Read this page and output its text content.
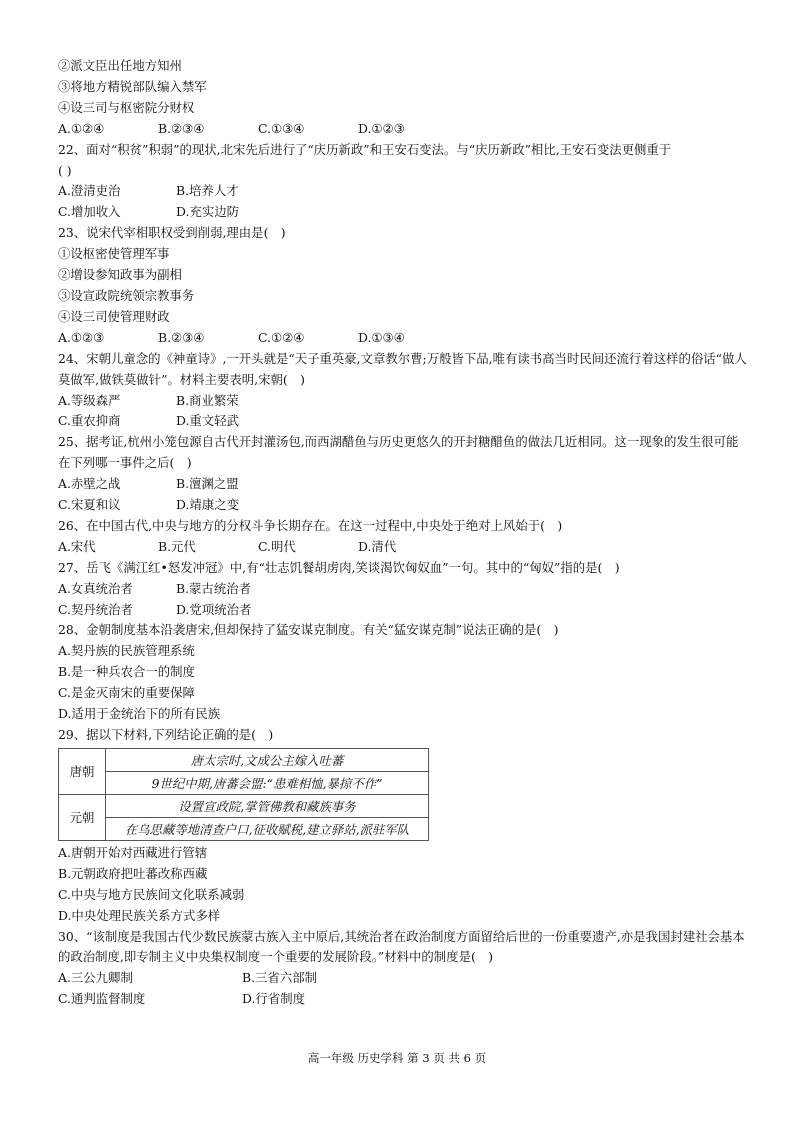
②派文臣出任地方知州
③将地方精锐部队编入禁军
④设三司与枢密院分财权
A.①②④	B.②③④	C.①③④	D.①②③
22、面对“积贫”积弱”的现状,北宋先后进行了“庆历新政”和王安石变法。与“庆历新政”相比,王安石变法更侧重于
( )
A.澄清吏治	B.培养人才
C.增加收入	D.充实边防
23、说宋代宰相职权受到削弱,理由是(　)
①设枢密使管理军事
②增设参知政事为副相
③设宣政院统领宗教事务
④设三司使管理财政
A.①②③	B.②③④	C.①②④	D.①③④
24、宋朝儿童念的《神童诗》,一开头就是“天子重英豪,文章教尔曹;万般皆下品,唯有读书高当时民间还流行着这样的俗话“做人莫做军,做铁莫做针”。材料主要表明,宋朝(　)
A.等级森严	B.商业繁荣
C.重农抑商	D.重文轻武
25、据考证,杭州小笼包源自古代开封灌汤包,而西湖醋鱼与历史更悠久的开封糖醋鱼的做法几近相同。这一现象的发生很可能在下列哪一事件之后(　)
A.赤壁之战	B.澶渊之盟
C.宋夏和议	D.靖康之变
26、在中国古代,中央与地方的分权斗争长期存在。在这一过程中,中央处于绝对上风始于(　)
A.宋代	B.元代	C.明代	D.清代
27、岳飞《满江红•怒发冲冠》中,有“壮志饥餐胡虏肉,笑谈渴饮匈奴血”一句。其中的“匈奴”指的是(　)
A.女真统治者	B.蒙古统治者
C.契丹统治者	D.党项统治者
28、金朝制度基本沿袭唐宋,但却保持了猛安谋克制度。有关“猛安谋克制”说法正确的是(　)
A.契丹族的民族管理系统
B.是一种兵农合一的制度
C.是金灭南宋的重要保障
D.适用于金统治下的所有民族
29、据以下材料,下列结论正确的是(　)
唐朝	唐太宗时,文成公主嫁入吐蕃
	9世纪中期,唐蕃会盟:“患难相恤,暴掠不作”
元朝	设置宣政院,掌管佛教和藏族事务
	在乌思藏等地清查户口,征收赋税,建立驿站,派驻军队
A.唐朝开始对西藏进行管辖
B.元朝政府把吐蕃改称西藏
C.中央与地方民族间文化联系减弱
D.中央处理民族关系方式多样
30、“该制度是我国古代少数民族蒙古族入主中原后,其统治者在政治制度方面留给后世的一份重要遗产,亦是我国封建社会基本的政治制度,即专制主义中央集权制度一个重要的发展阶段。”材料中的制度是(　)
A.三公九卿制	B.三省六部制
C.通判监督制度	D.行省制度
高一年级 历史学科 第 3 页 共 6 页
